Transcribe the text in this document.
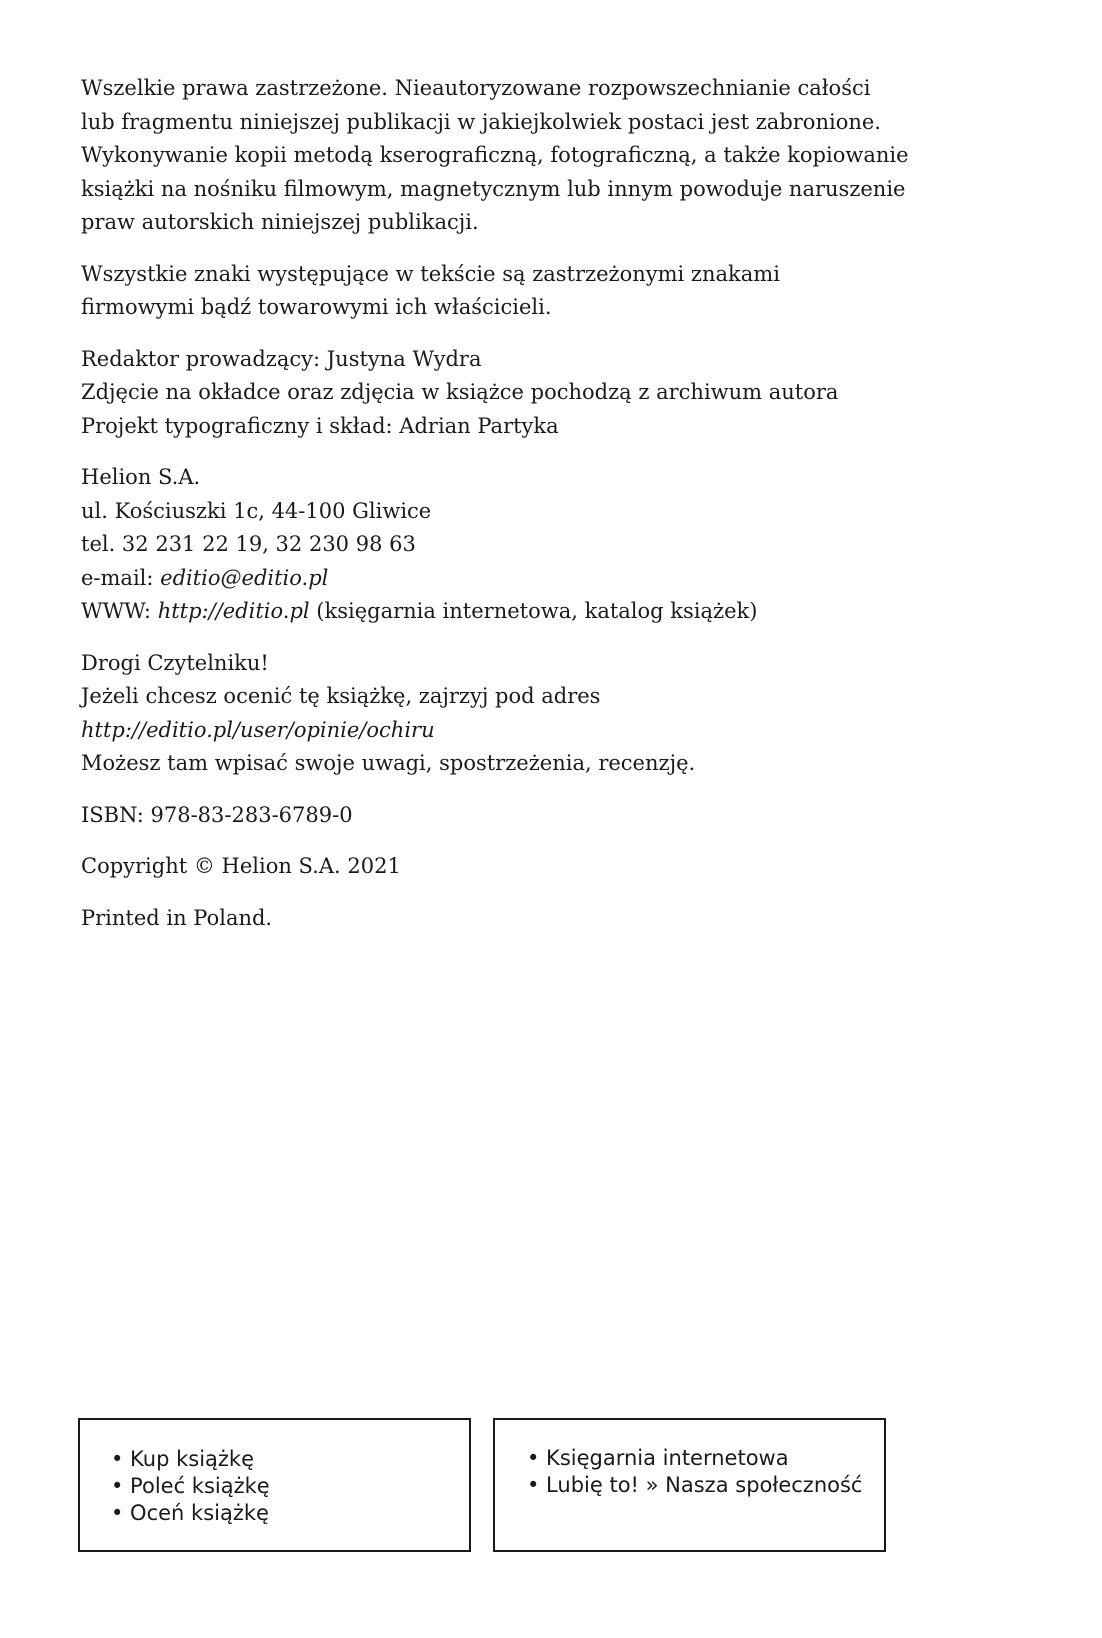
Wszelkie prawa zastrzeżone. Nieautoryzowane rozpowszechnianie całości
lub fragmentu niniejszej publikacji w jakiejkolwiek postaci jest zabronione.
Wykonywanie kopii metodą kserograficzną, fotograficzną, a także kopiowanie
książki na nośniku filmowym, magnetycznym lub innym powoduje naruszenie
praw autorskich niniejszej publikacji.

Wszystkie znaki występujące w tekście są zastrzeżonymi znakami
firmowymi bądź towarowymi ich właścicieli.

Redaktor prowadzący: Justyna Wydra
Zdjęcie na okładce oraz zdjęcia w książce pochodzą z archiwum autora
Projekt typograficzny i skład: Adrian Partyka

Helion S.A.
ul. Kościuszki 1c, 44-100 Gliwice
tel. 32 231 22 19, 32 230 98 63
e-mail: editio@editio.pl
WWW: http://editio.pl (księgarnia internetowa, katalog książek)

Drogi Czytelniku!
Jeżeli chcesz ocenić tę książkę, zajrzyj pod adres
http://editio.pl/user/opinie/ochiru
Możesz tam wpisać swoje uwagi, spostrzeżenia, recenzję.

ISBN: 978-83-283-6789-0

Copyright © Helion S.A. 2021

Printed in Poland.

• Kup książkę
• Poleć książkę
• Oceń książkę
• Księgarnia internetowa
• Lubię to! » Nasza społeczność
